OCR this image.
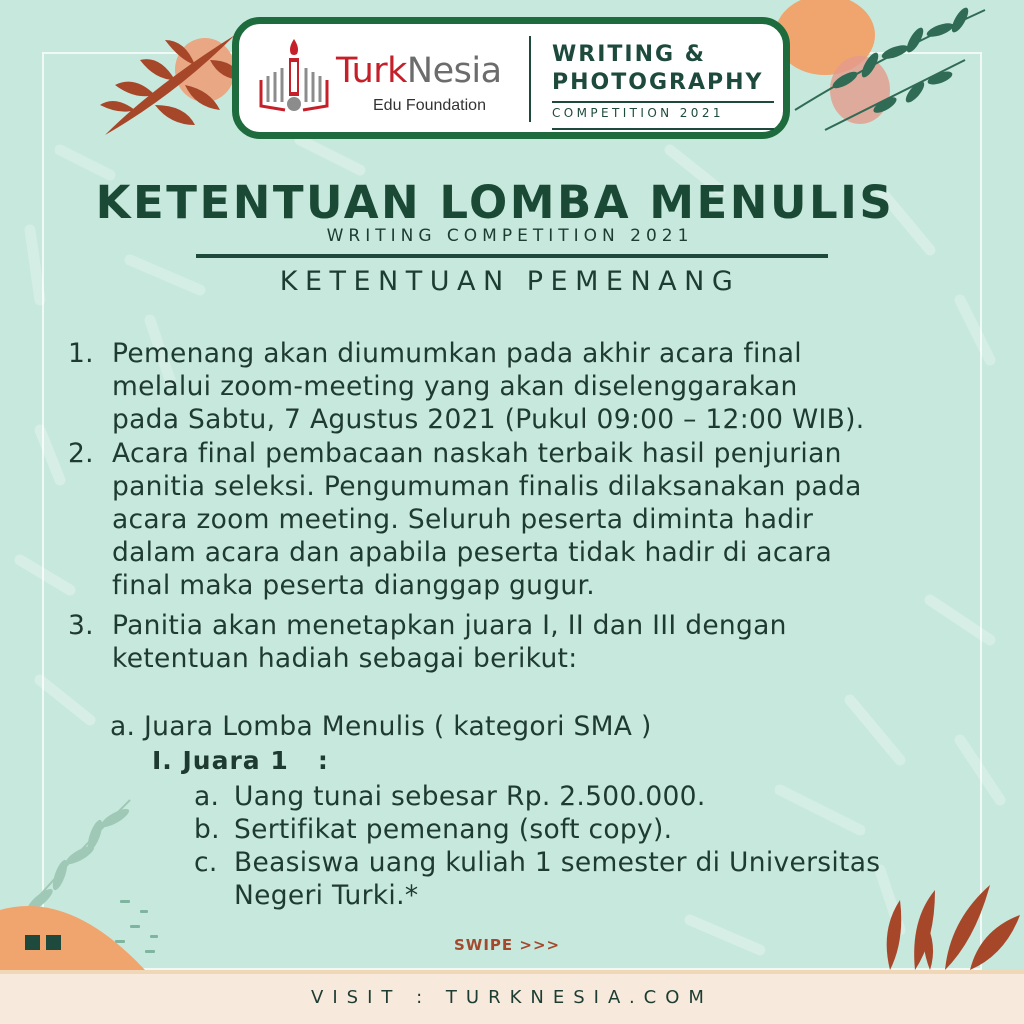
TurkNesia
Edu Foundation
WRITING &
PHOTOGRAPHY
COMPETITION 2021
KETENTUAN LOMBA MENULIS
WRITING COMPETITION 2021
KETENTUAN PEMENANG
1. Pemenang akan diumumkan pada akhir acara final
melalui zoom-meeting yang akan diselenggarakan
pada Sabtu, 7 Agustus 2021 (Pukul 09:00 – 12:00 WIB).
2. Acara final pembacaan naskah terbaik hasil penjurian
panitia seleksi. Pengumuman finalis dilaksanakan pada
acara zoom meeting. Seluruh peserta diminta hadir
dalam acara dan apabila peserta tidak hadir di acara
final maka peserta dianggap gugur.
3. Panitia akan menetapkan juara I, II dan III dengan
ketentuan hadiah sebagai berikut:
a. Juara Lomba Menulis ( kategori SMA )
I. Juara 1   :
a. Uang tunai sebesar Rp. 2.500.000.
b. Sertifikat pemenang (soft copy).
c. Beasiswa uang kuliah 1 semester di Universitas
Negeri Turki.*
SWIPE >>>
VISIT : TURKNESIA.COM
